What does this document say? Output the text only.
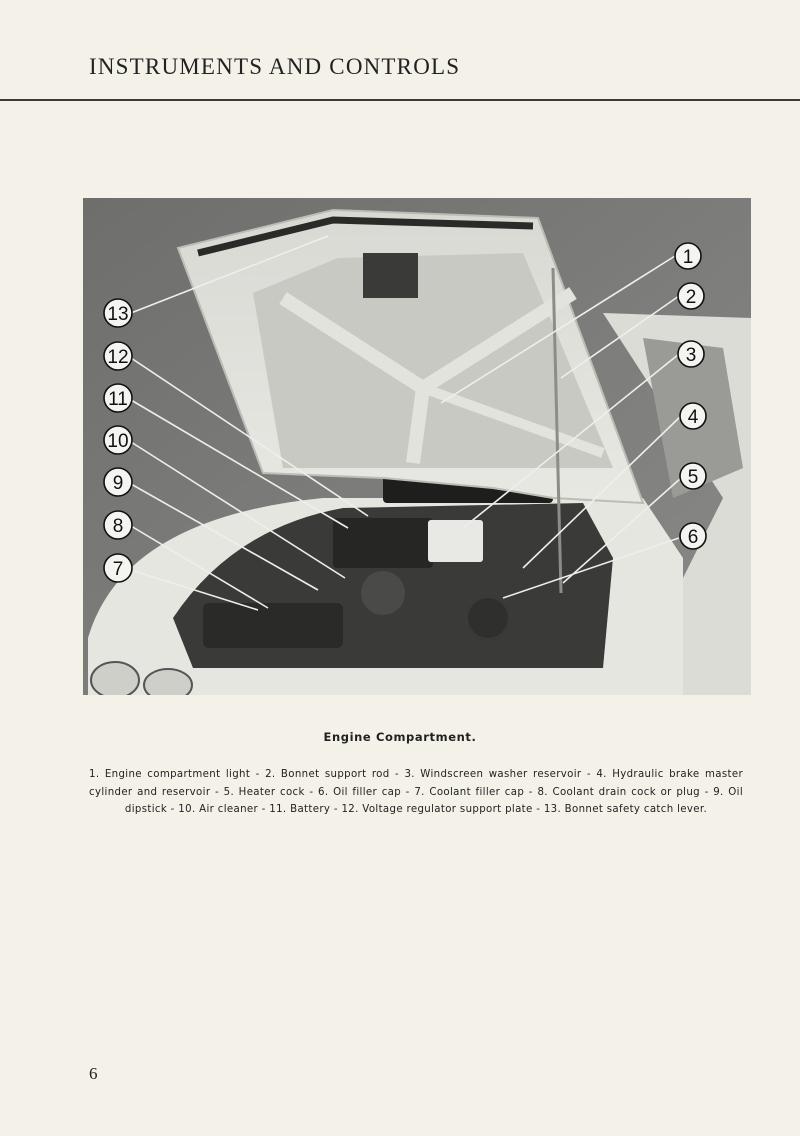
INSTRUMENTS AND CONTROLS
1
2
3
4
5
6
13
12
11
10
9
8
7

Engine Compartment.

1. Engine compartment light - 2. Bonnet support rod - 3. Windscreen washer reservoir - 4. Hydraulic brake master cylinder and reservoir - 5. Heater cock - 6. Oil filler cap - 7. Coolant filler cap - 8. Coolant drain cock or plug - 9. Oil dipstick - 10. Air cleaner - 11. Battery - 12. Voltage regulator support plate - 13. Bonnet safety catch lever.

6
